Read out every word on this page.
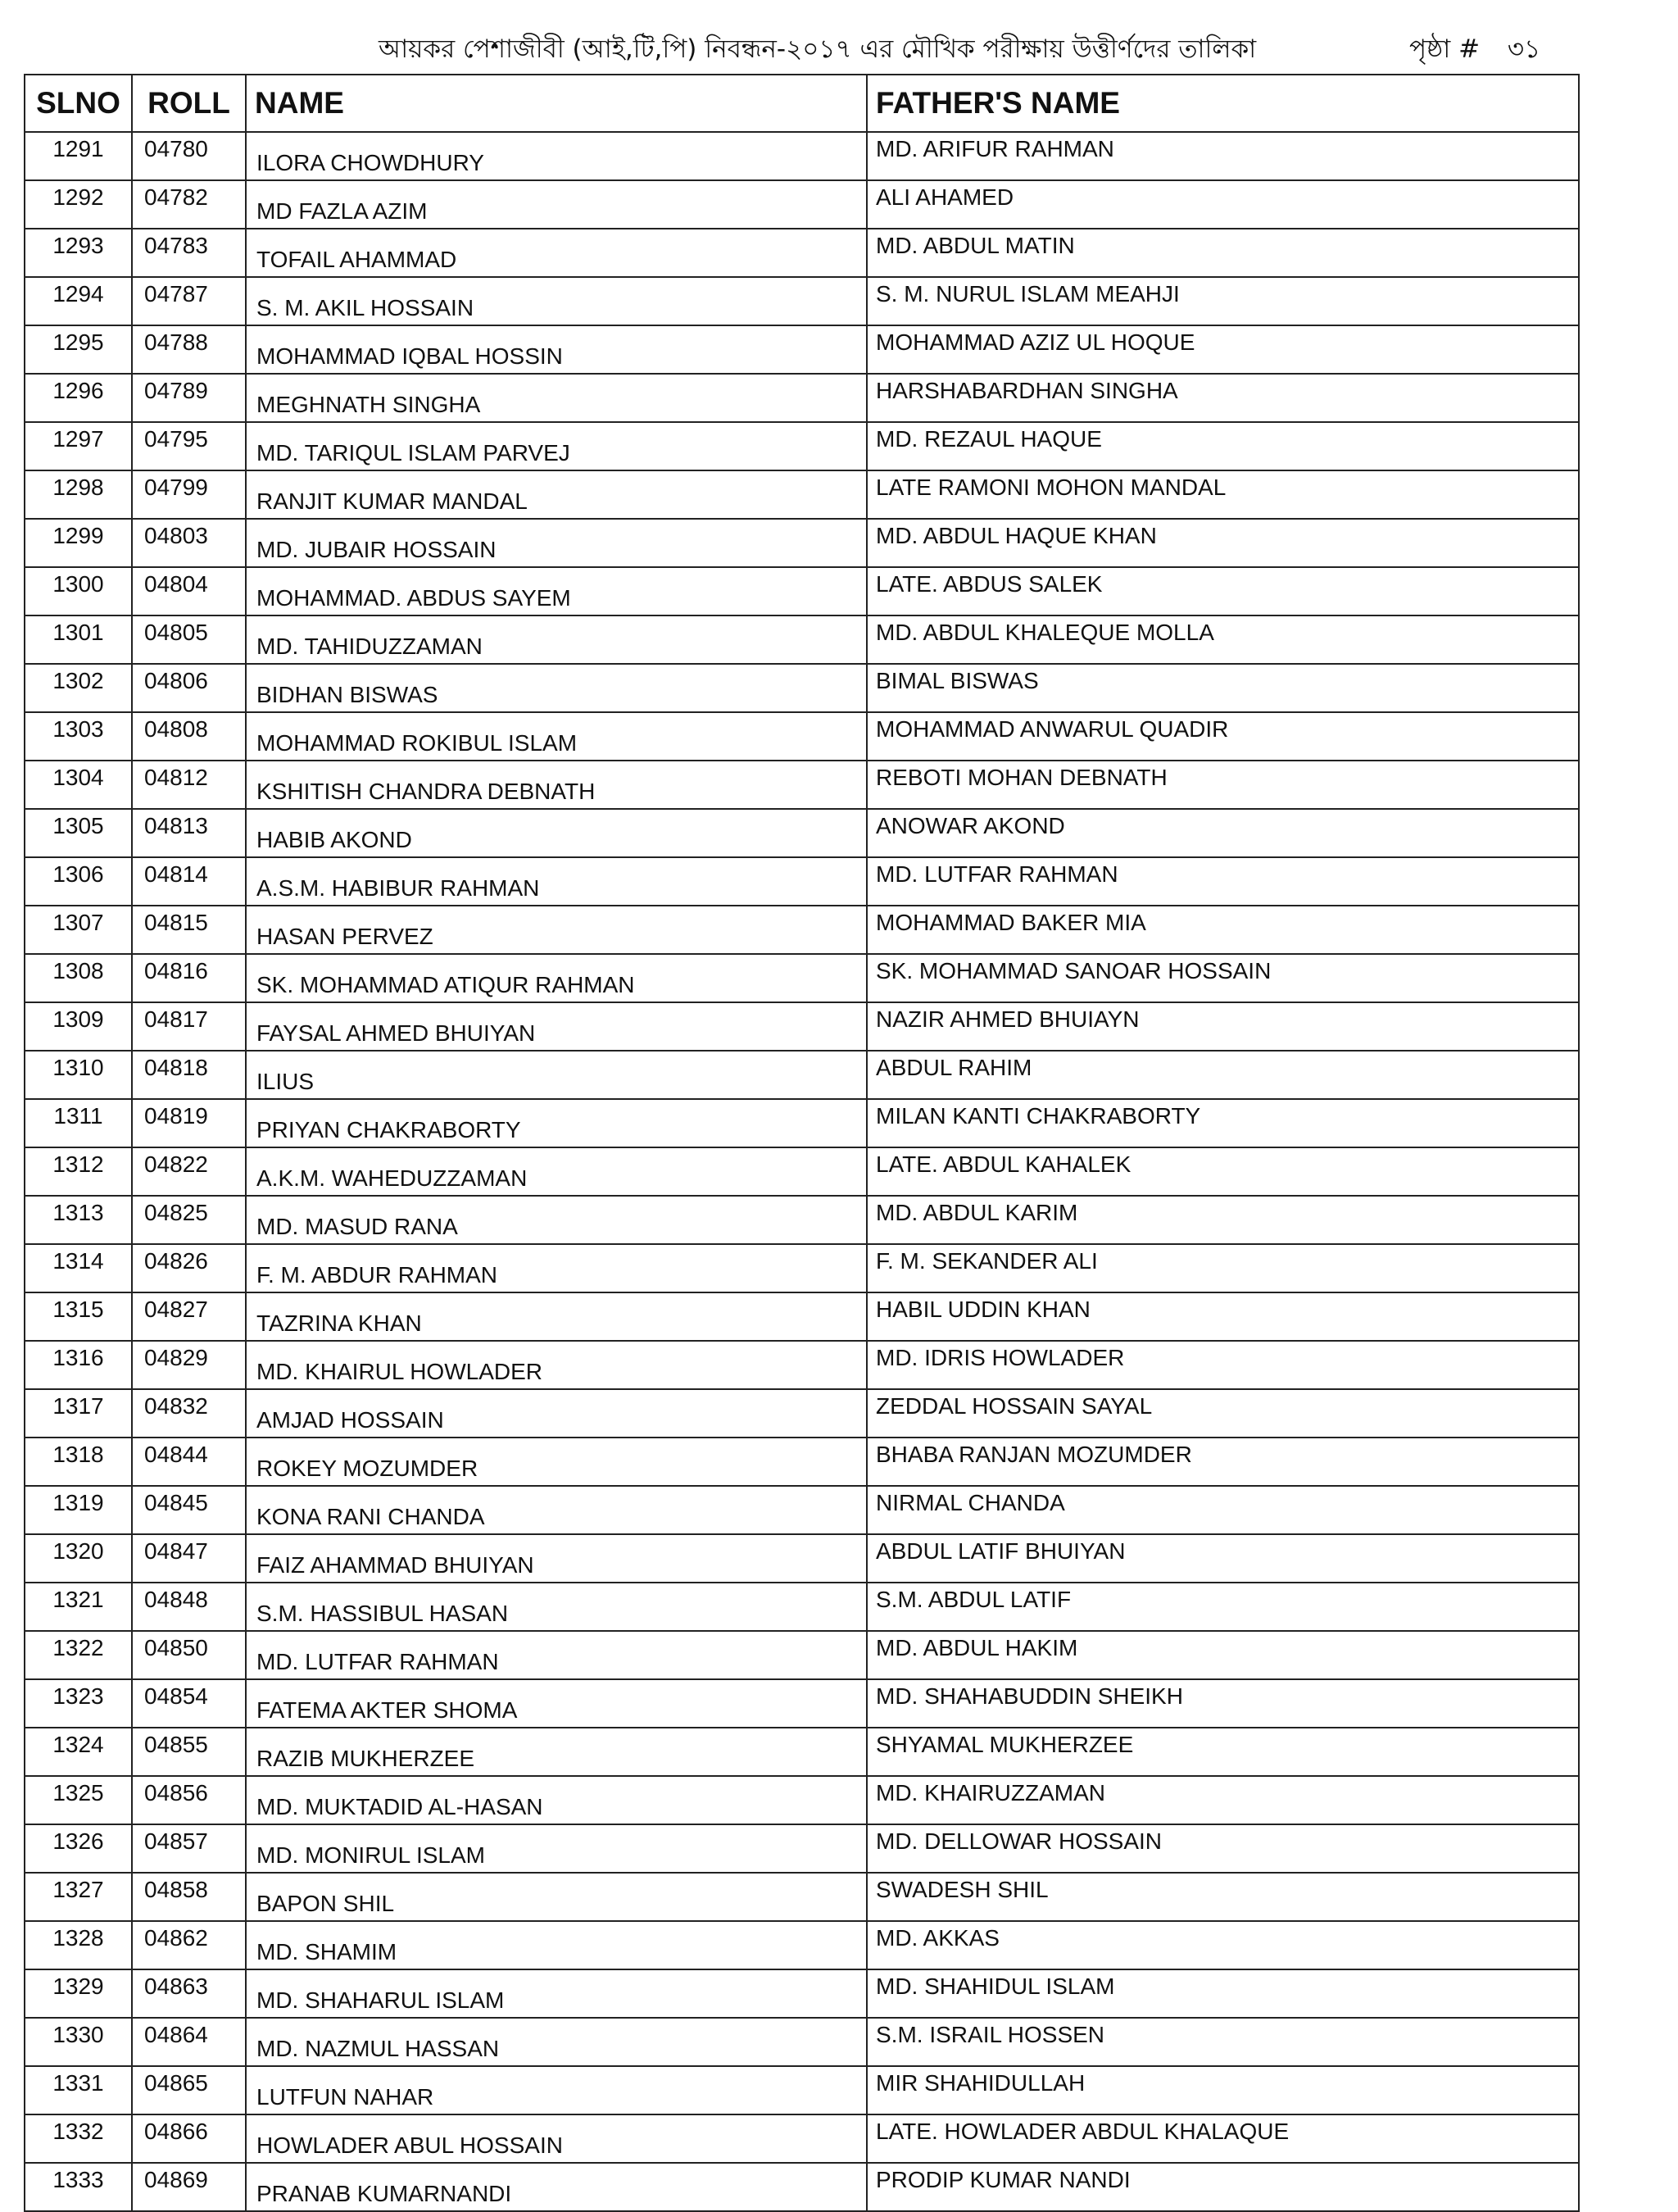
আয়কর পেশাজীবী (আই,টি,পি) নিবন্ধন-২০১৭ এর মৌখিক পরীক্ষায় উত্তীর্ণদের তালিকা	পৃষ্ঠা # ৩১
SLNO	ROLL	NAME	FATHER'S NAME
1291	04780	ILORA CHOWDHURY	MD. ARIFUR RAHMAN
1292	04782	MD FAZLA AZIM	ALI AHAMED
1293	04783	TOFAIL AHAMMAD	MD. ABDUL MATIN
1294	04787	S. M. AKIL HOSSAIN	S. M. NURUL ISLAM MEAHJI
1295	04788	MOHAMMAD IQBAL HOSSIN	MOHAMMAD AZIZ UL HOQUE
1296	04789	MEGHNATH SINGHA	HARSHABARDHAN SINGHA
1297	04795	MD. TARIQUL ISLAM PARVEJ	MD. REZAUL HAQUE
1298	04799	RANJIT KUMAR MANDAL	LATE RAMONI MOHON MANDAL
1299	04803	MD. JUBAIR HOSSAIN	MD. ABDUL HAQUE KHAN
1300	04804	MOHAMMAD. ABDUS SAYEM	LATE. ABDUS SALEK
1301	04805	MD. TAHIDUZZAMAN	MD. ABDUL KHALEQUE MOLLA
1302	04806	BIDHAN BISWAS	BIMAL BISWAS
1303	04808	MOHAMMAD ROKIBUL ISLAM	MOHAMMAD ANWARUL QUADIR
1304	04812	KSHITISH CHANDRA DEBNATH	REBOTI MOHAN DEBNATH
1305	04813	HABIB AKOND	ANOWAR AKOND
1306	04814	A.S.M. HABIBUR RAHMAN	MD. LUTFAR RAHMAN
1307	04815	HASAN PERVEZ	MOHAMMAD BAKER MIA
1308	04816	SK. MOHAMMAD ATIQUR RAHMAN	SK. MOHAMMAD SANOAR HOSSAIN
1309	04817	FAYSAL AHMED BHUIYAN	NAZIR AHMED BHUIAYN
1310	04818	ILIUS	ABDUL RAHIM
1311	04819	PRIYAN CHAKRABORTY	MILAN KANTI CHAKRABORTY
1312	04822	A.K.M. WAHEDUZZAMAN	LATE. ABDUL KAHALEK
1313	04825	MD. MASUD RANA	MD. ABDUL KARIM
1314	04826	F. M. ABDUR RAHMAN	F. M. SEKANDER ALI
1315	04827	TAZRINA KHAN	HABIL UDDIN KHAN
1316	04829	MD. KHAIRUL HOWLADER	MD. IDRIS HOWLADER
1317	04832	AMJAD HOSSAIN	ZEDDAL HOSSAIN SAYAL
1318	04844	ROKEY MOZUMDER	BHABA RANJAN MOZUMDER
1319	04845	KONA RANI CHANDA	NIRMAL CHANDA
1320	04847	FAIZ AHAMMAD BHUIYAN	ABDUL LATIF BHUIYAN
1321	04848	S.M. HASSIBUL HASAN	S.M. ABDUL LATIF
1322	04850	MD. LUTFAR RAHMAN	MD. ABDUL HAKIM
1323	04854	FATEMA AKTER SHOMA	MD. SHAHABUDDIN SHEIKH
1324	04855	RAZIB MUKHERZEE	SHYAMAL MUKHERZEE
1325	04856	MD. MUKTADID AL-HASAN	MD. KHAIRUZZAMAN
1326	04857	MD. MONIRUL ISLAM	MD. DELLOWAR HOSSAIN
1327	04858	BAPON SHIL	SWADESH SHIL
1328	04862	MD. SHAMIM	MD. AKKAS
1329	04863	MD. SHAHARUL ISLAM	MD. SHAHIDUL ISLAM
1330	04864	MD. NAZMUL HASSAN	S.M. ISRAIL HOSSEN
1331	04865	LUTFUN NAHAR	MIR SHAHIDULLAH
1332	04866	HOWLADER ABUL HOSSAIN	LATE. HOWLADER ABDUL KHALAQUE
1333	04869	PRANAB KUMARNANDI	PRODIP KUMAR NANDI
